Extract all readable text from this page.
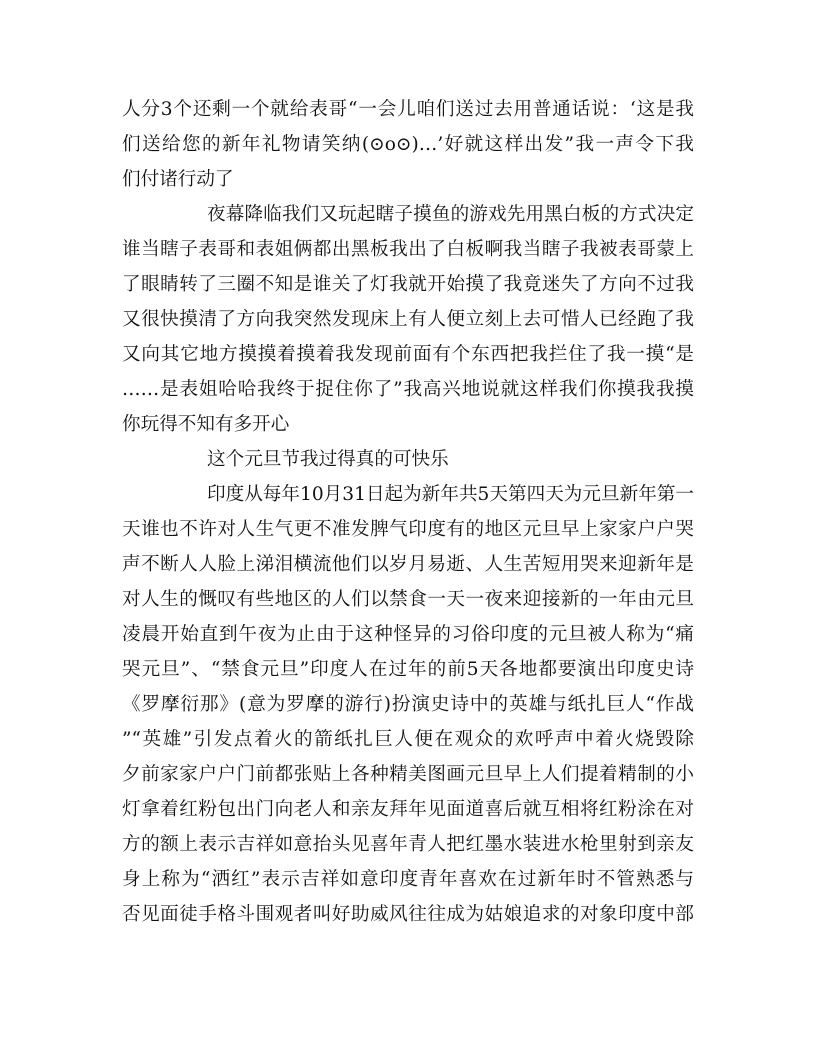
人分3个还剩一个就给表哥“一会儿咱们送过去用普通话说：‘这是我
们送给您的新年礼物请笑纳(⊙o⊙)…’好就这样出发”我一声令下我
们付诸行动了
夜幕降临我们又玩起瞎子摸鱼的游戏先用黑白板的方式决定
谁当瞎子表哥和表姐俩都出黑板我出了白板啊我当瞎子我被表哥蒙上
了眼睛转了三圈不知是谁关了灯我就开始摸了我竟迷失了方向不过我
又很快摸清了方向我突然发现床上有人便立刻上去可惜人已经跑了我
又向其它地方摸摸着摸着我发现前面有个东西把我拦住了我一摸“是
……是表姐哈哈我终于捉住你了”我高兴地说就这样我们你摸我我摸
你玩得不知有多开心
这个元旦节我过得真的可快乐
印度从每年10月31日起为新年共5天第四天为元旦新年第一
天谁也不许对人生气更不准发脾气印度有的地区元旦早上家家户户哭
声不断人人脸上涕泪横流他们以岁月易逝、人生苦短用哭来迎新年是
对人生的慨叹有些地区的人们以禁食一天一夜来迎接新的一年由元旦
凌晨开始直到午夜为止由于这种怪异的习俗印度的元旦被人称为“痛
哭元旦”、“禁食元旦”印度人在过年的前5天各地都要演出印度史诗
《罗摩衍那》(意为罗摩的游行)扮演史诗中的英雄与纸扎巨人“作战
”“英雄”引发点着火的箭纸扎巨人便在观众的欢呼声中着火烧毁除
夕前家家户户门前都张贴上各种精美图画元旦早上人们提着精制的小
灯拿着红粉包出门向老人和亲友拜年见面道喜后就互相将红粉涂在对
方的额上表示吉祥如意抬头见喜年青人把红墨水装进水枪里射到亲友
身上称为“洒红”表示吉祥如意印度青年喜欢在过新年时不管熟悉与
否见面徒手格斗围观者叫好助威风往往成为姑娘追求的对象印度中部
